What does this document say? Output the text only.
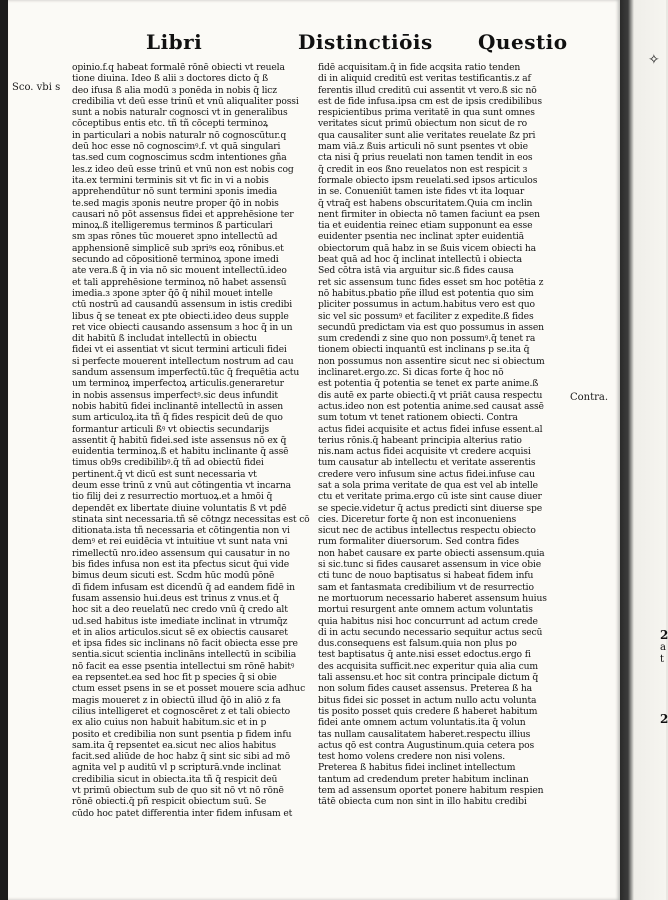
Libri	Distinctiōis Questio
Sco. vbi s
Contra.
opinio.f.q habeat formalē rōnē obiecti vt reuela
tione diuina. Ideo ß alii ɜ doctores dicto q̄ ß
deo ifusa ß alia modū ɜ ponēda in nobis q̄ licz
credibilia vt deū esse trinū et vnū aliqualiter possi
sunt a nobis naturalr cognosci vt in generalibus
cōceptibus entis etc. tñ tñ cōcepti terminoꝝ
in particulari a nobis naturalr nō cognoscūtur.q
deū hoc esse nō cognoscimꝰ.f. vt quā singulari
tas.sed cum cognoscimus scdm intentiones gña
les.z ideo deū esse trinū et vnū non est nobis cog
ita.ex termini terminis sit vt fic in vi a nobis
apprehendūtur nō sunt termini ɜponis imedia
te.sed magis ɜponis neutre proper q̄ō in nobis
causari nō pōt assensus fidei et apprehēsione ter
minoꝝ.ß itelligeremus terminos ß particulari
sm ɜpas rōnes tūc moueret ɜpno intellectū ad
apphensionē simplicē sub ɜpriꝰs eoꝝ rōnibus.et
secundo ad cōpositionē terminoꝝ ɜpone imedi
ate vera.ß q̄ in via nō sic mouent intellectū.ideo
et tali apprehēsione terminoꝝ nō habet assensū
imedia.ɜ ɜpone ɜpter q̄ō q̄ nihil mouet intelle
ctū nostrū ad causandū assensum in istis credibi
libus q̄ se teneat ex pte obiecti.ideo deus supple
ret vice obiecti causando assensum ɜ hoc q̄ in un
dit habitū ß includat intellectū in obiectu
fidei vt ei assentiat vt sicut termini articuli fidei
si perfecte mouerent intellectum nostrum ad cau
sandum assensum imperfectū.tūc q̄ frequētia actu
um terminoꝝ imperfectoꝝ articulis.generaretur
in nobis assensus imperfectꝰ.sic deus infundit
nobis habitū fidei inclinantē intellectū in assen
sum articuloꝝ.ita tñ q̄ fides respicit deū de quo
formantur articuli ßꝰ vt obiectis secundarijs
assentit q̄ habitū fidei.sed iste assensus nō ex q̄
euidentia terminoꝝ.ß et habitu inclinante q̄ assē
timus ob9s credibilibꝰ.q̄ tñ ad obiectū fidei
pertinent.q̄ vt dicū est sunt necessaria vt
deum esse trinū z vnū aut cōtingentia vt incarna
tio filij dei z resurrectio mortuoꝝ.et a hmōi q̄
dependēt ex libertate diuine voluntatis ß vt pdē
stinata sint necessaria.tñ sē cōtngz necessitas est cō
ditionata.ista tñ necessaria et cōtingentia non vi
demꝰ et rei euidēcia vt intuitiue vt sunt nata vni
rimellectū nro.ideo assensum qui causatur in no
bis fides infusa non est ita pfectus sicut q̄ui vide
bimus deum sicuti est. Scdm hūc modū pōnē
dī fidem infusam est dicendū q̄ ad eandem fidē in
fusam assensio hui.deus est trinus z vnus.et q̄
hoc sit a deo reuelatū nec credo vnū q̄ credo alt
ud.sed habitus iste imediate inclinat in vtrumq̄z
et in alios articulos.sicut sē ex obiectis causaret
et ipsa fides sic inclinans nō facit obiecta esse pre
sentia.sicut scientia inclināns intellectū in scibilia
nō facit ea esse psentia intellectui sm rōnē habitꝰ
ea repsentet.ea sed hoc fit p species q̄ si obie
ctum esset psens in se et posset mouere scia adhuc
magis moueret z in obiectū illud q̄ō in aliō z fa
cilius intelligeret et cognoscēret z et tali obiecto
ex alio cuius non habuit habitum.sic et in p
posito et credibilia non sunt psentia p fidem infu
sam.ita q̄ repsentet ea.sicut nec alios habitus
facit.sed aliūde de hoc habz q̄ sint sic sibi ad mō
agnita vel p auditū vl p scripturā.vnde inclinat
credibilia sicut in obiecta.ita tñ q̄ respicit deū
vt primū obiectum sub de quo sit nō vt nō rōnē
rōnē obiecti.q̄ pñ respicit obiectum suū. Se
cūdo hoc patet differentia inter fidem infusam et
fidē acquisitam.q̄ in fide acqsita ratio tenden
di in aliquid creditū est veritas testificantis.z af
ferentis illud creditū cui assentit vt vero.ß sic nō
est de fide infusa.ipsa cm est de ipsis credibilibus
respicientibus prima veritatē in qua sunt omnes
veritates sicut primū obiectum non sicut de ro
qua causaliter sunt alie veritates reuelate ßz pri
mam viā.z ßuis articuli nō sunt psentes vt obie
cta nisi q̄ prius reuelati non tamen tendit in eos
q̄ credit in eos ßno reuelatos non est respicit ɜ
formale obiecto ipsm reuelati.sed ipsos articulos
in se. Conueniūt tamen iste fides vt ita loquar
q̄ vtraq̄ est habens obscuritatem.Quia cm inclin
nent firmiter in obiecta nō tamen faciunt ea psen
tia et euidentia reinec etiam supponunt ea esse
euidenter psentia nec inclinat ɜpter euidentiā
obiectorum quā habz in se ßuis vicem obiecti ha
beat quā ad hoc q̄ inclinat intellectū i obiecta
Sed cōtra istā via arguitur sic.ß fides causa
ret sic assensum tunc fides esset sm hoc potētia z
nō habitus.pbatio pñe illud est potentia quo sim
pliciter possumus in actum.habitus vero est quo
sic vel sic possumꝰ et faciliter z expedite.ß fides
secundū predictam via est quo possumus in assen
sum credendi z sine quo non possumꝰ.q̄ tenet ra
tionem obiecti inquantū est inclinans p se.ita q̄
non possumus non assentire sicut nec si obiectum
inclinaret.ergo.zc. Si dicas forte q̄ hoc nō
est potentia q̄ potentia se tenet ex parte anime.ß
dis autē ex parte obiecti.q̄ vt priāt causa respectu
actus.ideo non est potentia anime.sed causat assē
sum totum vt tenet rationem obiecti. Contra
actus fidei acquisite et actus fidei infuse essent.al
terius rōnis.q̄ habeant principia alterius ratio
nis.nam actus fidei acquisite vt credere acquisi
tum causatur ab intellectu et veritate asserentis
credere vero infusum sine actus fidei.infuse cau
sat a sola prima veritate de qua est vel ab intelle
ctu et veritate prima.ergo cū iste sint cause diuer
se specie.videtur q̄ actus predicti sint diuerse spe
cies. Diceretur forte q̄ non est inconueniens
sicut nec de actibus intellectus respectu obiecto
rum formaliter diuersorum. Sed contra fides
non habet causare ex parte obiecti assensum.quia
si sic.tunc si fides causaret assensum in vice obie
cti tunc de nouo baptisatus si habeat fidem infu
sam et fantasmata credibilium vt de resurrectio
ne mortuorum necessario haberet assensum huius
mortui resurgent ante omnem actum voluntatis
quia habitus nisi hoc concurrunt ad actum crede
di in actu secundo necessario sequitur actus secū
dus.consequens est falsum.quia non plus po
test baptisatus q̄ ante.nisi esset edoctus.ergo fi
des acquisita sufficit.nec experitur quia alia cum
tali assensu.et hoc sit contra principale dictum q̄
non solum fides causet assensus. Preterea ß ha
bitus fidei sic posset in actum nullo actu volunta
tis posito posset quis credere ß haberet habitum
fidei ante omnem actum voluntatis.ita q̄ volun
tas nullam causalitatem haberet.respectu illius
actus qō est contra Augustinum.quia cetera pos
test homo volens credere non nisi volens.
Preterea ß habitus fidei inclinet intellectum
tantum ad credendum preter habitum inclinan
tem ad assensum oportet ponere habitum respien
tātē obiecta cum non sint in illo habitu credibi
✧
2
a
t
2
